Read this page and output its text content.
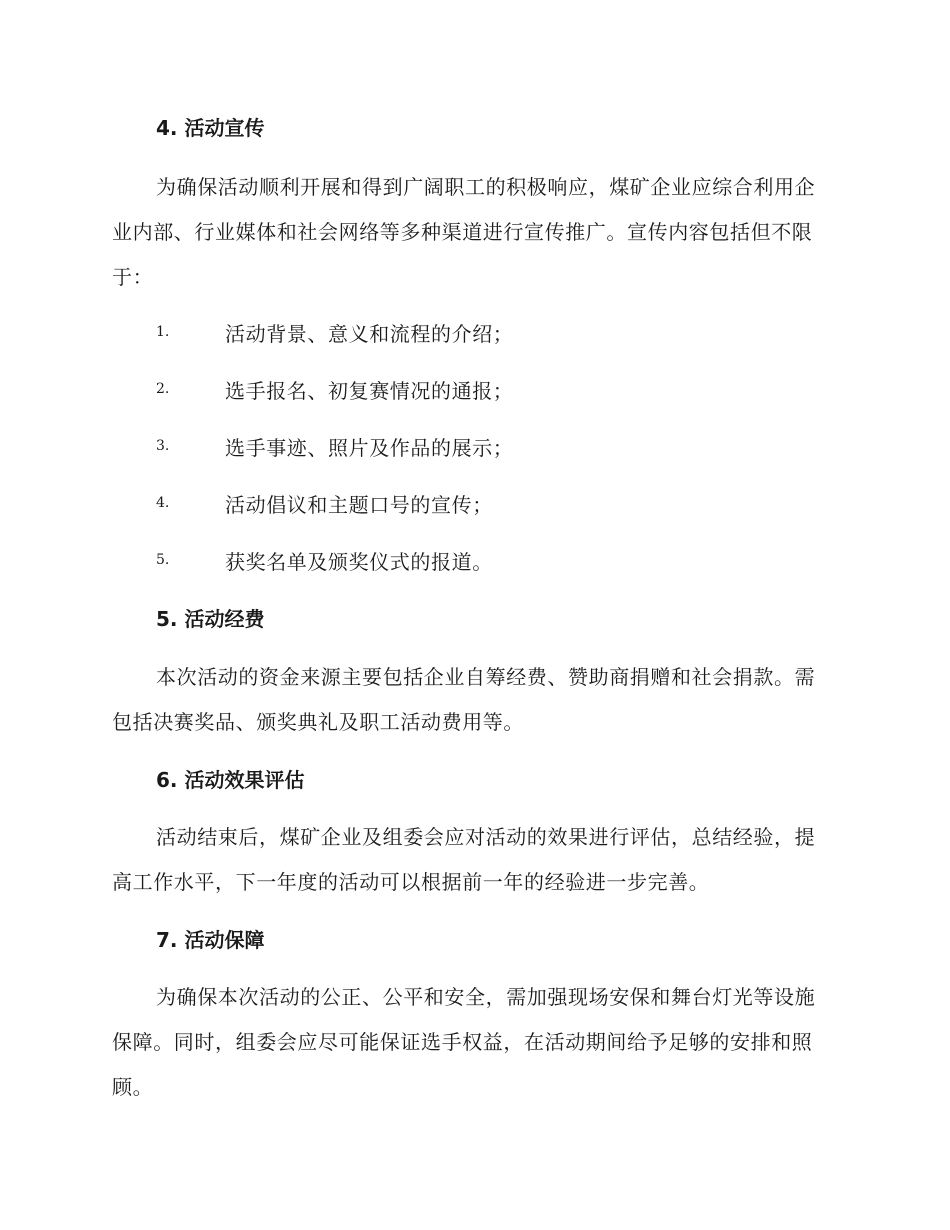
4. 活动宣传
为确保活动顺利开展和得到广阔职工的积极响应，煤矿企业应综合利用企业内部、行业媒体和社会网络等多种渠道进行宣传推广。宣传内容包括但不限于：
1.	活动背景、意义和流程的介绍；
2.	选手报名、初复赛情况的通报；
3.	选手事迹、照片及作品的展示；
4.	活动倡议和主题口号的宣传；
5.	获奖名单及颁奖仪式的报道。
5. 活动经费
本次活动的资金来源主要包括企业自筹经费、赞助商捐赠和社会捐款。需包括决赛奖品、颁奖典礼及职工活动费用等。
6. 活动效果评估
活动结束后，煤矿企业及组委会应对活动的效果进行评估，总结经验，提高工作水平，下一年度的活动可以根据前一年的经验进一步完善。
7. 活动保障
为确保本次活动的公正、公平和安全，需加强现场安保和舞台灯光等设施保障。同时，组委会应尽可能保证选手权益，在活动期间给予足够的安排和照顾。
